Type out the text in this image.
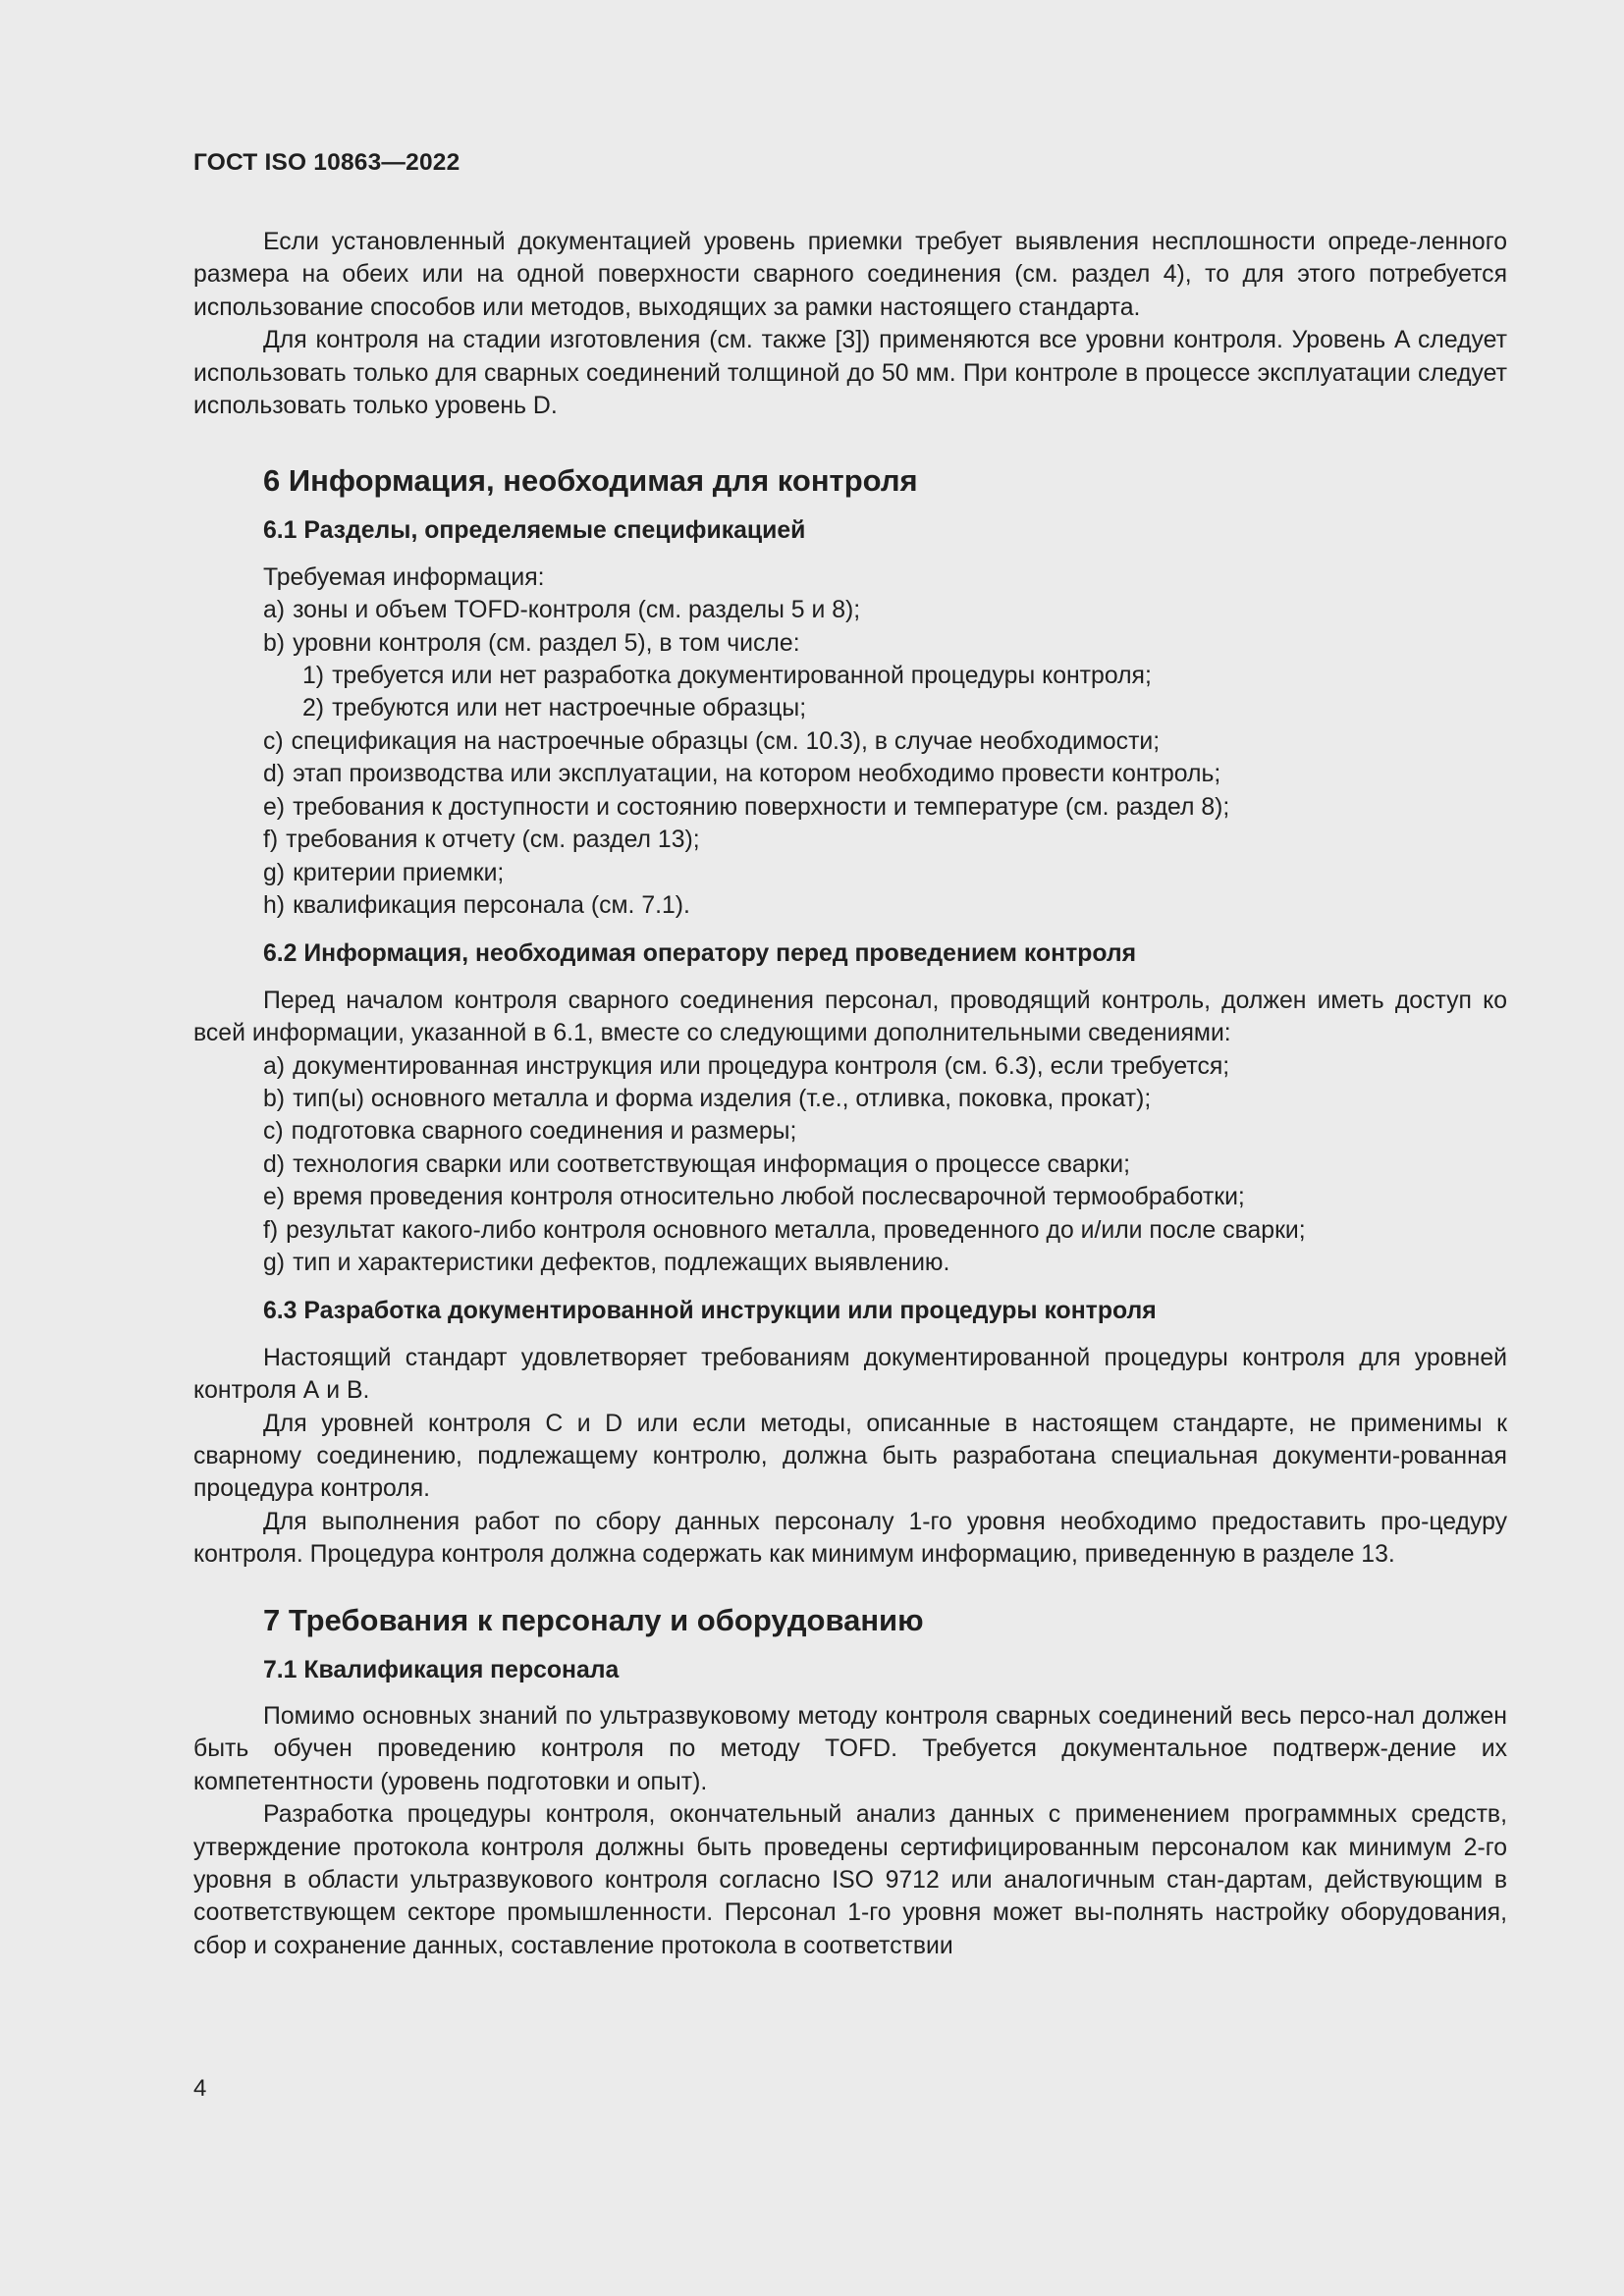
ГОСТ ISO 10863—2022

Если установленный документацией уровень приемки требует выявления несплошности опреде-ленного размера на обеих или на одной поверхности сварного соединения (см. раздел 4), то для этого потребуется использование способов или методов, выходящих за рамки настоящего стандарта.

Для контроля на стадии изготовления (см. также [3]) применяются все уровни контроля. Уровень A следует использовать только для сварных соединений толщиной до 50 мм. При контроле в процессе эксплуатации следует использовать только уровень D.

6 Информация, необходимая для контроля
6.1 Разделы, определяемые спецификацией

Требуемая информация:

a) зоны и объем TOFD-контроля (см. разделы 5 и 8);
b) уровни контроля (см. раздел 5), в том числе:
1) требуется или нет разработка документированной процедуры контроля;
2) требуются или нет настроечные образцы;
c) спецификация на настроечные образцы (см. 10.3), в случае необходимости;
d) этап производства или эксплуатации, на котором необходимо провести контроль;
e) требования к доступности и состоянию поверхности и температуре (см. раздел 8);
f) требования к отчету (см. раздел 13);
g) критерии приемки;
h) квалификация персонала (см. 7.1).
6.2 Информация, необходимая оператору перед проведением контроля

Перед началом контроля сварного соединения персонал, проводящий контроль, должен иметь доступ ко всей информации, указанной в 6.1, вместе со следующими дополнительными сведениями:

a) документированная инструкция или процедура контроля (см. 6.3), если требуется;
b) тип(ы) основного металла и форма изделия (т.е., отливка, поковка, прокат);
c) подготовка сварного соединения и размеры;
d) технология сварки или соответствующая информация о процессе сварки;
e) время проведения контроля относительно любой послесварочной термообработки;
f) результат какого-либо контроля основного металла, проведенного до и/или после сварки;
g) тип и характеристики дефектов, подлежащих выявлению.
6.3 Разработка документированной инструкции или процедуры контроля

Настоящий стандарт удовлетворяет требованиям документированной процедуры контроля для уровней контроля А и В.

Для уровней контроля С и D или если методы, описанные в настоящем стандарте, не применимы к сварному соединению, подлежащему контролю, должна быть разработана специальная документи-рованная процедура контроля.

Для выполнения работ по сбору данных персоналу 1-го уровня необходимо предоставить про-цедуру контроля. Процедура контроля должна содержать как минимум информацию, приведенную в разделе 13.

7 Требования к персоналу и оборудованию
7.1 Квалификация персонала

Помимо основных знаний по ультразвуковому методу контроля сварных соединений весь персо-нал должен быть обучен проведению контроля по методу TOFD. Требуется документальное подтверж-дение их компетентности (уровень подготовки и опыт).

Разработка процедуры контроля, окончательный анализ данных с применением программных средств, утверждение протокола контроля должны быть проведены сертифицированным персоналом как минимум 2-го уровня в области ультразвукового контроля согласно ISO 9712 или аналогичным стан-дартам, действующим в соответствующем секторе промышленности. Персонал 1-го уровня может вы-полнять настройку оборудования, сбор и сохранение данных, составление протокола в соответствии

4
